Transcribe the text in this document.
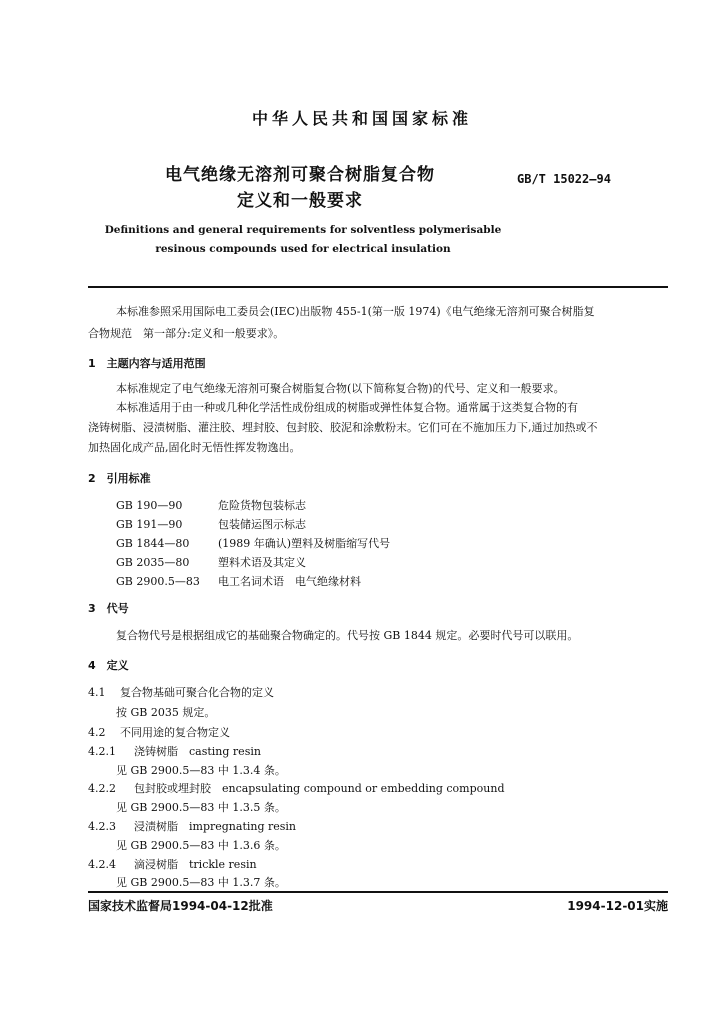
中华人民共和国国家标准
电气绝缘无溶剂可聚合树脂复合物
定义和一般要求
GB/T 15022—94
Definitions and general requirements for solventless polymerisable
resinous compounds used for electrical insulation
本标准参照采用国际电工委员会(IEC)出版物 455-1(第一版 1974)《电气绝缘无溶剂可聚合树脂复
合物规范　第一部分:定义和一般要求》。
1　主题内容与适用范围
本标准规定了电气绝缘无溶剂可聚合树脂复合物(以下简称复合物)的代号、定义和一般要求。
本标准适用于由一种或几种化学活性成份组成的树脂或弹性体复合物。通常属于这类复合物的有
浇铸树脂、浸渍树脂、灌注胶、埋封胶、包封胶、胶泥和涂敷粉末。它们可在不施加压力下,通过加热或不
加热固化成产品,固化时无悟性挥发物逸出。
2　引用标准
GB 190—90	危险货物包装标志
GB 191—90	包装储运图示标志
GB 1844—80	(1989 年确认)塑料及树脂缩写代号
GB 2035—80	塑料术语及其定义
GB 2900.5—83 电工名词术语　电气绝缘材料
3　代号
复合物代号是根据组成它的基础聚合物确定的。代号按 GB 1844 规定。必要时代号可以联用。
4　定义
4.1 复合物基础可聚合化合物的定义
按 GB 2035 规定。
4.2 不同用途的复合物定义
4.2.1 浇铸树脂　casting resin
见 GB 2900.5—83 中 1.3.4 条。
4.2.2 包封胶或埋封胶　encapsulating compound or embedding compound
见 GB 2900.5—83 中 1.3.5 条。
4.2.3 浸渍树脂　impregnating resin
见 GB 2900.5—83 中 1.3.6 条。
4.2.4 滴浸树脂　trickle resin
见 GB 2900.5—83 中 1.3.7 条。
国家技术监督局1994-04-12批准	1994-12-01实施
